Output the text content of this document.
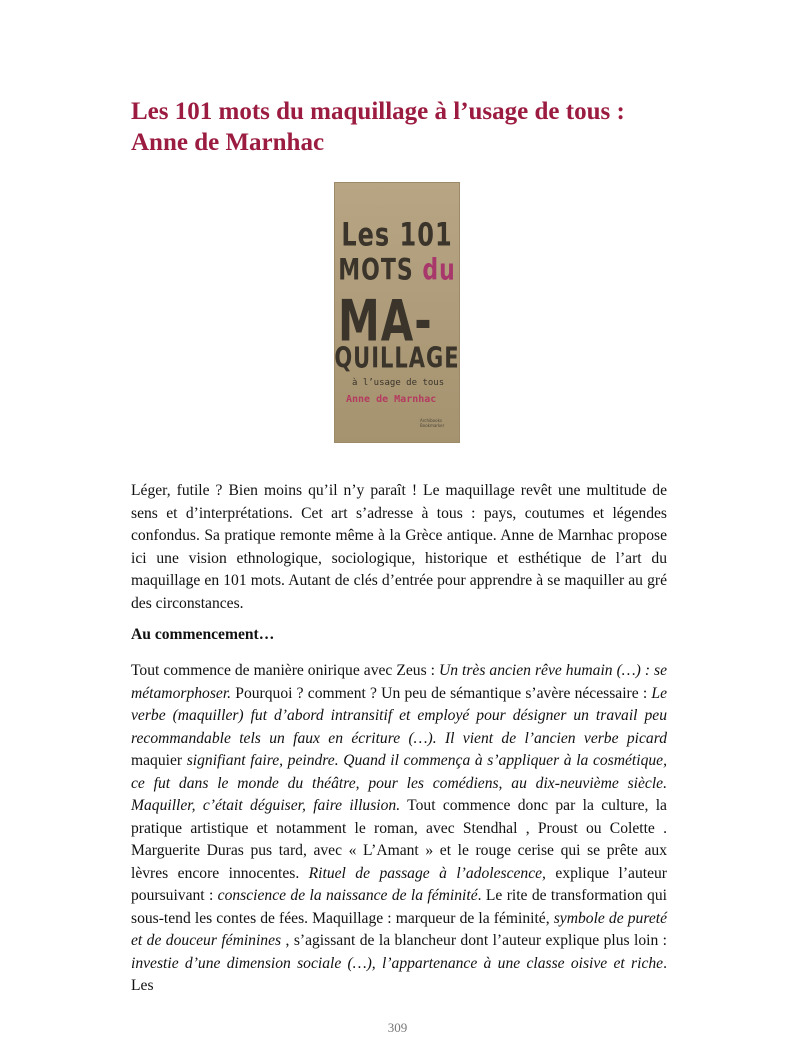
Les 101 mots du maquillage à l’usage de tous :
Anne de Marnhac
Les 101
MOTS du
MA-
QUILLAGE
à l’usage de tous
Anne de Marnhac
Archibooks Bookmarker
Léger, futile ? Bien moins qu’il n’y paraît ! Le maquillage revêt une multitude de sens et d’interprétations. Cet art s’adresse à tous : pays, coutumes et légendes confondus. Sa pratique remonte même à la Grèce antique. Anne de Marnhac propose ici une vision ethnologique, sociologique, historique et esthétique de l’art du maquillage en 101 mots. Autant de clés d’entrée pour apprendre à se maquiller au gré des circonstances.
Au commencement…
Tout commence de manière onirique avec Zeus : Un très ancien rêve humain (…) : se métamorphoser. Pourquoi ? comment ? Un peu de sémantique s’avère nécessaire : Le verbe (maquiller) fut d’abord intransitif et employé pour désigner un travail peu recommandable tels un faux en écriture (…). Il vient de l’ancien verbe picard maquier signifiant faire, peindre. Quand il commença à s’appliquer à la cosmétique, ce fut dans le monde du théâtre, pour les comédiens, au dix-neuvième siècle. Maquiller, c’était déguiser, faire illusion. Tout commence donc par la culture, la pratique artistique et notamment le roman, avec Stendhal , Proust ou Colette . Marguerite Duras pus tard, avec « L’Amant » et le rouge cerise qui se prête aux lèvres encore innocentes. Rituel de passage à l’adolescence, explique l’auteur poursuivant : conscience de la naissance de la féminité. Le rite de transformation qui sous-tend les contes de fées. Maquillage : marqueur de la féminité, symbole de pureté et de douceur féminines , s’agissant de la blancheur dont l’auteur explique plus loin : investie d’une dimension sociale (…), l’appartenance à une classe oisive et riche. Les
309
